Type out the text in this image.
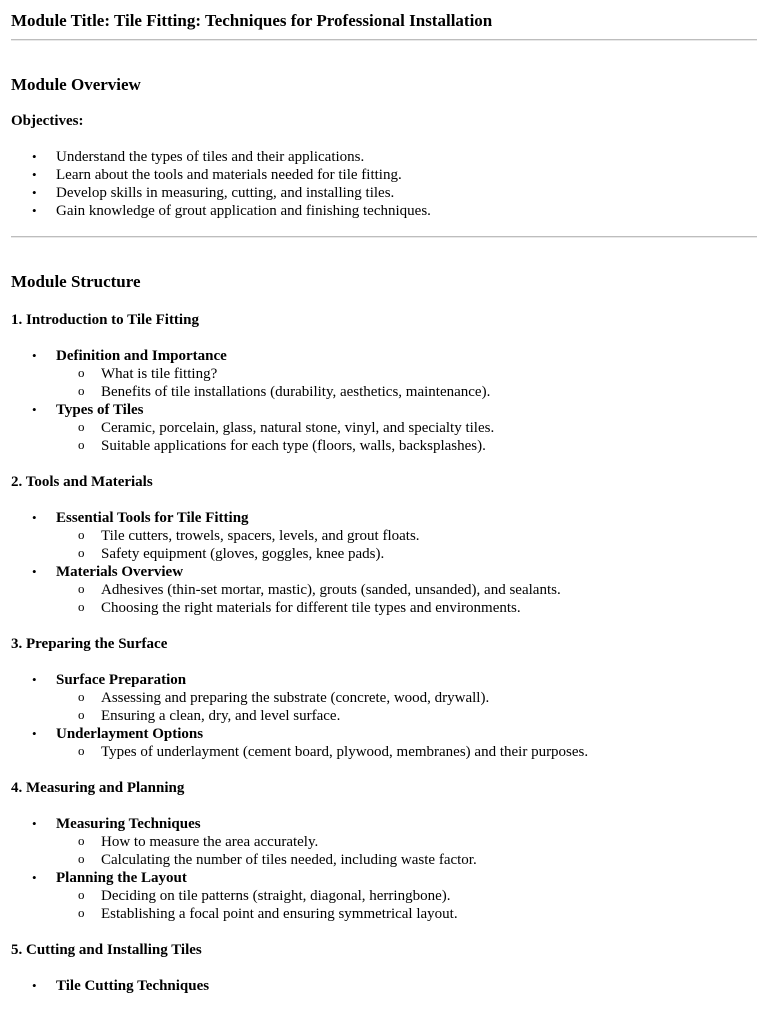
Module Title: Tile Fitting: Techniques for Professional Installation
Module Overview
Objectives:
• Understand the types of tiles and their applications.
• Learn about the tools and materials needed for tile fitting.
• Develop skills in measuring, cutting, and installing tiles.
• Gain knowledge of grout application and finishing techniques.
Module Structure
1. Introduction to Tile Fitting
• Definition and Importance
o What is tile fitting?
o Benefits of tile installations (durability, aesthetics, maintenance).
• Types of Tiles
o Ceramic, porcelain, glass, natural stone, vinyl, and specialty tiles.
o Suitable applications for each type (floors, walls, backsplashes).
2. Tools and Materials
• Essential Tools for Tile Fitting
o Tile cutters, trowels, spacers, levels, and grout floats.
o Safety equipment (gloves, goggles, knee pads).
• Materials Overview
o Adhesives (thin-set mortar, mastic), grouts (sanded, unsanded), and sealants.
o Choosing the right materials for different tile types and environments.
3. Preparing the Surface
• Surface Preparation
o Assessing and preparing the substrate (concrete, wood, drywall).
o Ensuring a clean, dry, and level surface.
• Underlayment Options
o Types of underlayment (cement board, plywood, membranes) and their purposes.
4. Measuring and Planning
• Measuring Techniques
o How to measure the area accurately.
o Calculating the number of tiles needed, including waste factor.
• Planning the Layout
o Deciding on tile patterns (straight, diagonal, herringbone).
o Establishing a focal point and ensuring symmetrical layout.
5. Cutting and Installing Tiles
• Tile Cutting Techniques
